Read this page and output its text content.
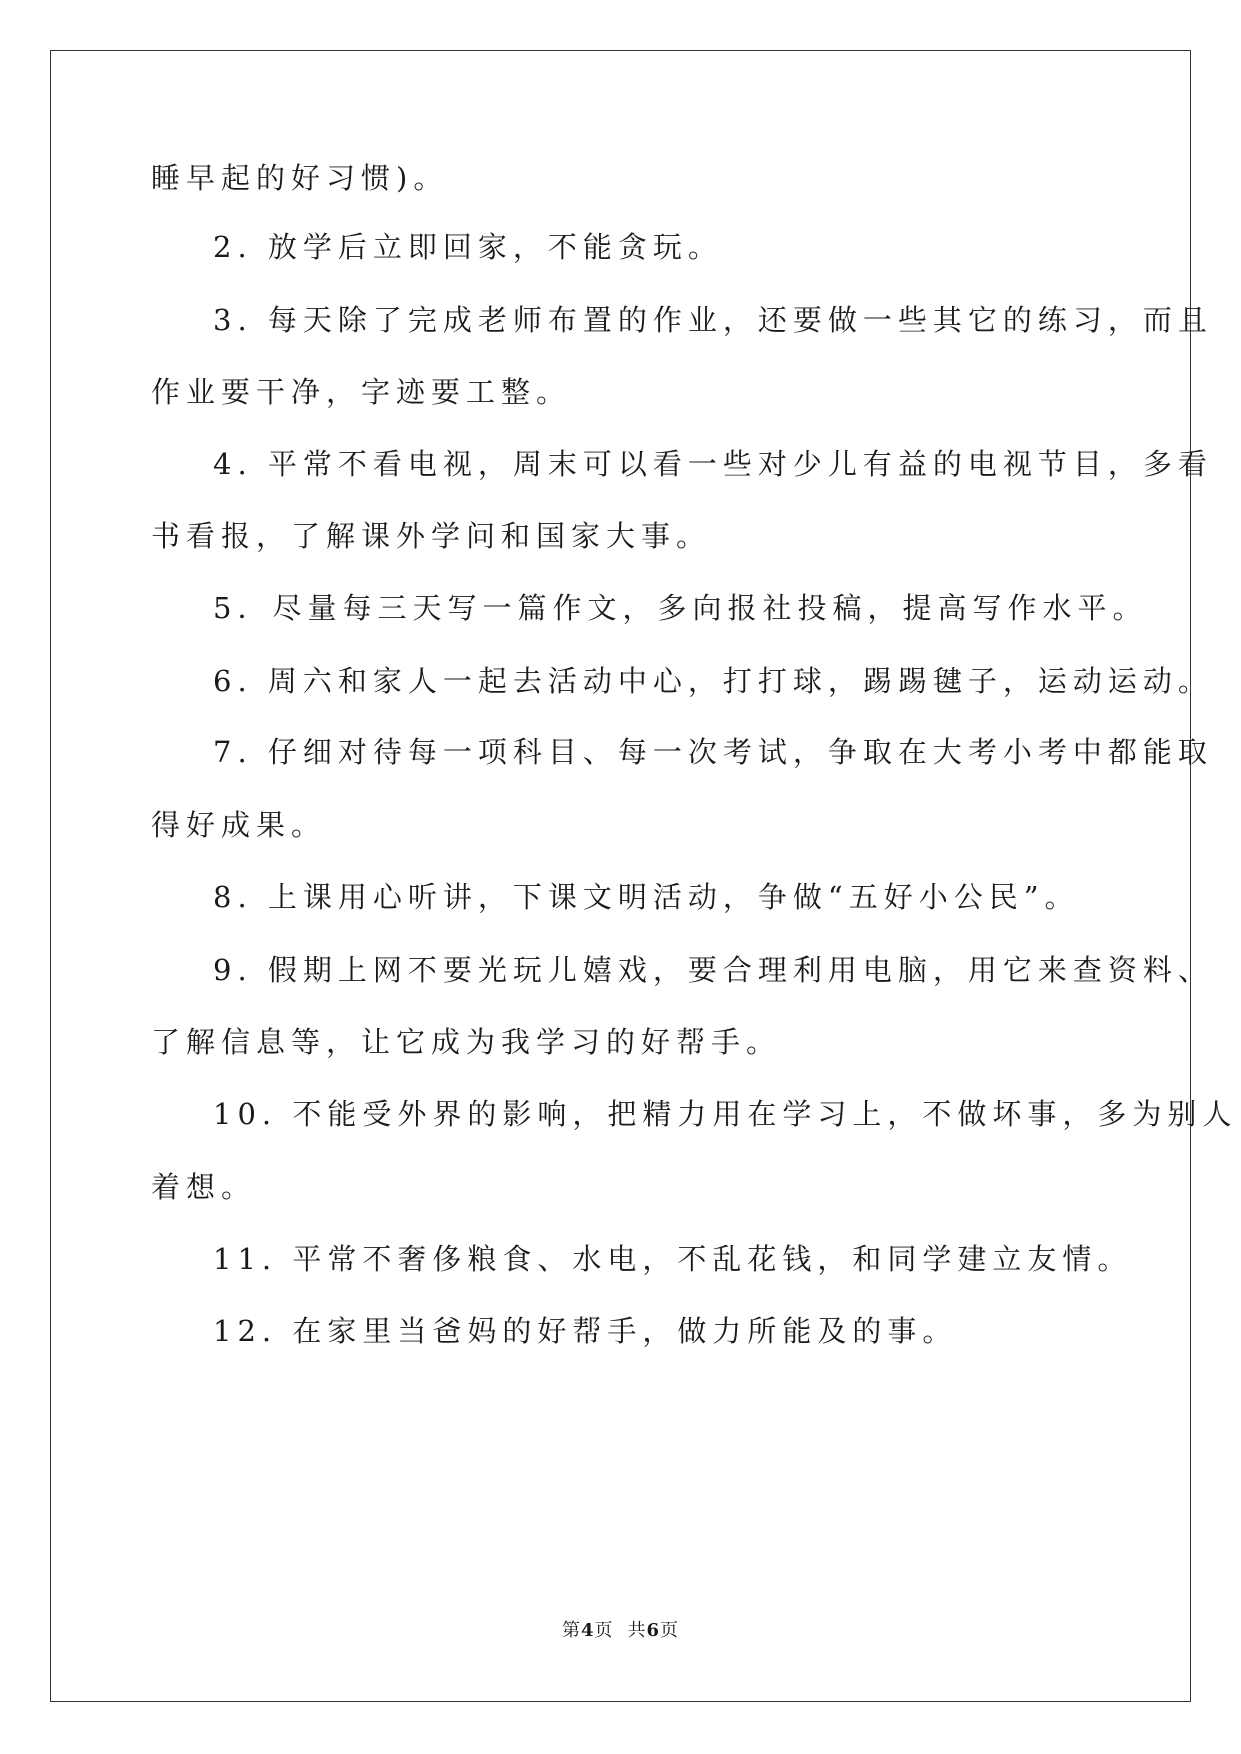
睡早起的好习惯)。
2. 放学后立即回家，不能贪玩。
3. 每天除了完成老师布置的作业，还要做一些其它的练习，而且
作业要干净，字迹要工整。
4. 平常不看电视，周末可以看一些对少儿有益的电视节目，多看
书看报，了解课外学问和国家大事。
5．尽量每三天写一篇作文，多向报社投稿，提高写作水平。
6. 周六和家人一起去活动中心，打打球，踢踢毽子，运动运动。
7. 仔细对待每一项科目、每一次考试，争取在大考小考中都能取
得好成果。
8. 上课用心听讲，下课文明活动，争做“五好小公民”。
9. 假期上网不要光玩儿嬉戏，要合理利用电脑，用它来查资料、
了解信息等，让它成为我学习的好帮手。
10. 不能受外界的影响，把精力用在学习上，不做坏事，多为别人
着想。
11. 平常不奢侈粮食、水电，不乱花钱，和同学建立友情。
12. 在家里当爸妈的好帮手，做力所能及的事。
第4页 共6页
